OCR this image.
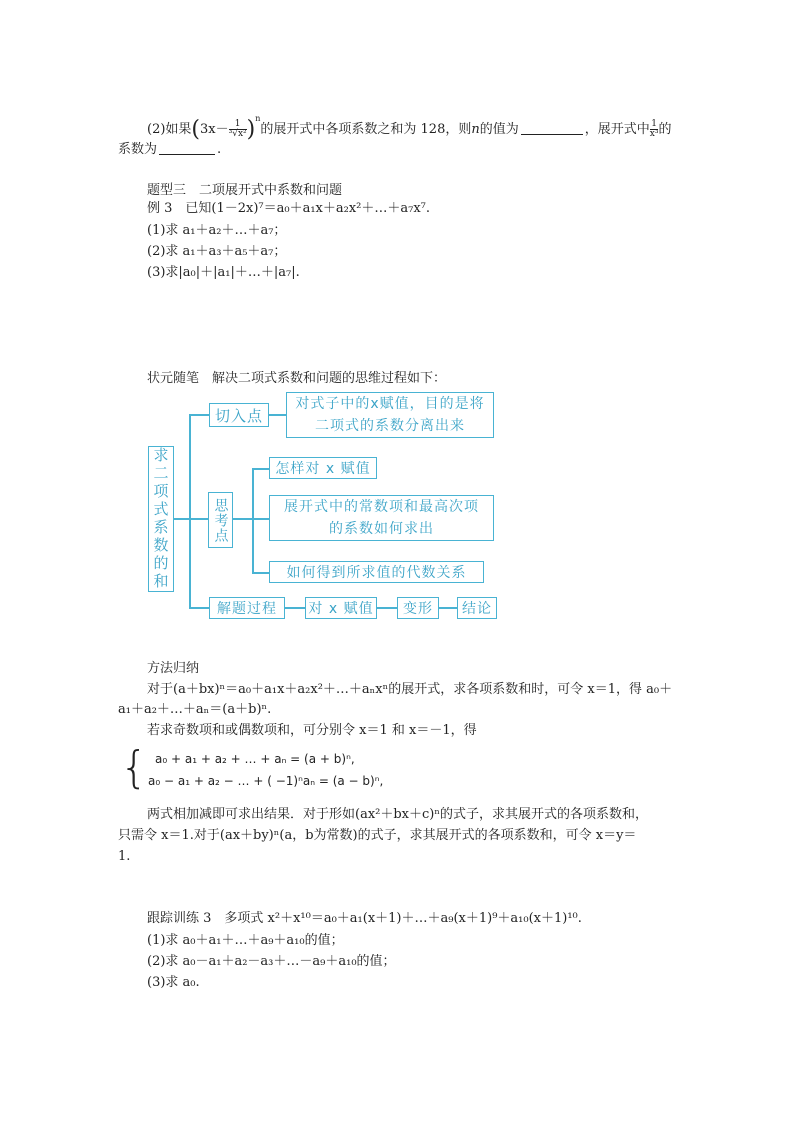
(2)如果$(3x- \frac{1}{\text{³√x²}} )^n$的展开式中各项系数之和为 128，则n的值为	，展开式中 $\frac{1}{\text{x³}}$ 的
系数为	.
题型三　二项展开式中系数和问题
例 3　已知(1－2x)⁷＝a₀＋a₁x＋a₂x²＋…＋a₇x⁷.
(1)求 a₁＋a₂＋…＋a₇；
(2)求 a₁＋a₃＋a₅＋a₇；
(3)求|a₀|＋|a₁|＋…＋|a₇|.
状元随笔　解决二项式系数和问题的思维过程如下：
求二项式系数的和
切入点
对式子中的x赋值，目的是将二项式的系数分离出来
思考点
怎样对 x 赋值
展开式中的常数项和最高次项的系数如何求出
如何得到所求值的代数关系
解题过程	对 x 赋值	变形	结论
方法归纳
对于(a＋bx)ⁿ＝a₀＋a₁x＋a₂x²＋…＋aₙxⁿ的展开式，求各项系数和时，可令 x＝1，得 a₀＋
a₁＋a₂＋…＋aₙ＝(a＋b)ⁿ.
若求奇数项和或偶数项和，可分别令 x＝1 和 x＝－1，得
{ a₀ + a₁ + a₂ + … + aₙ = (a + b)ⁿ,
a₀ − a₁ + a₂ − … + ( −1)ⁿaₙ = (a − b)ⁿ,
两式相加减即可求出结果．对于形如(ax²＋bx＋c)ⁿ的式子，求其展开式的各项系数和，
只需令 x＝1.对于(ax＋by)ⁿ(a，b为常数)的式子，求其展开式的各项系数和，可令 x＝y＝
1.
跟踪训练 3　多项式 x²＋x¹⁰＝a₀＋a₁(x＋1)＋…＋a₉(x＋1)⁹＋a₁₀(x＋1)¹⁰.
(1)求 a₀＋a₁＋…＋a₉＋a₁₀的值；
(2)求 a₀－a₁＋a₂－a₃＋…－a₉＋a₁₀的值；
(3)求 a₀.
